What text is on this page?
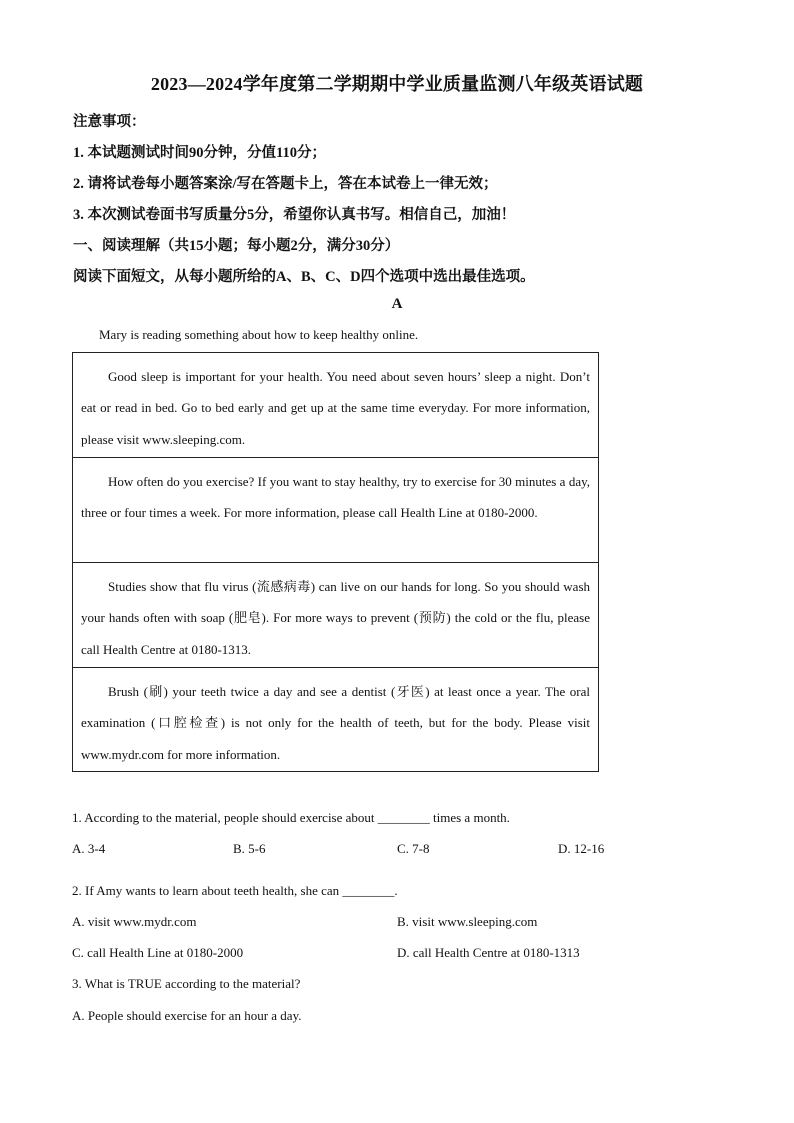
2023—2024学年度第二学期期中学业质量监测八年级英语试题
注意事项：
1. 本试题测试时间90分钟，分值110分；
2. 请将试卷每小题答案涂/写在答题卡上，答在本试卷上一律无效；
3. 本次测试卷面书写质量分5分，希望你认真书写。相信自己，加油！
一、阅读理解（共15小题；每小题2分，满分30分）
阅读下面短文，从每小题所给的A、B、C、D四个选项中选出最佳选项。
A
Mary is reading something about how to keep healthy online.
Good sleep is important for your health. You need about seven hours’ sleep a night. Don’t eat or read in bed. Go to bed early and get up at the same time everyday. For more information, please visit www.sleeping.com.
How often do you exercise? If you want to stay healthy, try to exercise for 30 minutes a day, three or four times a week. For more information, please call Health Line at 0180-2000.
Studies show that flu virus (流感病毒) can live on our hands for long. So you should wash your hands often with soap (肥皂). For more ways to prevent (预防) the cold or the flu, please call Health Centre at 0180-1313.
Brush (刷) your teeth twice a day and see a dentist (牙医) at least once a year. The oral examination (口腔检查) is not only for the health of teeth, but for the body. Please visit www.mydr.com for more information.
1. According to the material, people should exercise about ________ times a month.
A. 3-4	B. 5-6	C. 7-8	D. 12-16
2. If Amy wants to learn about teeth health, she can ________.
A. visit www.mydr.com	B. visit www.sleeping.com
C. call Health Line at 0180-2000	D. call Health Centre at 0180-1313
3. What is TRUE according to the material?
A. People should exercise for an hour a day.
